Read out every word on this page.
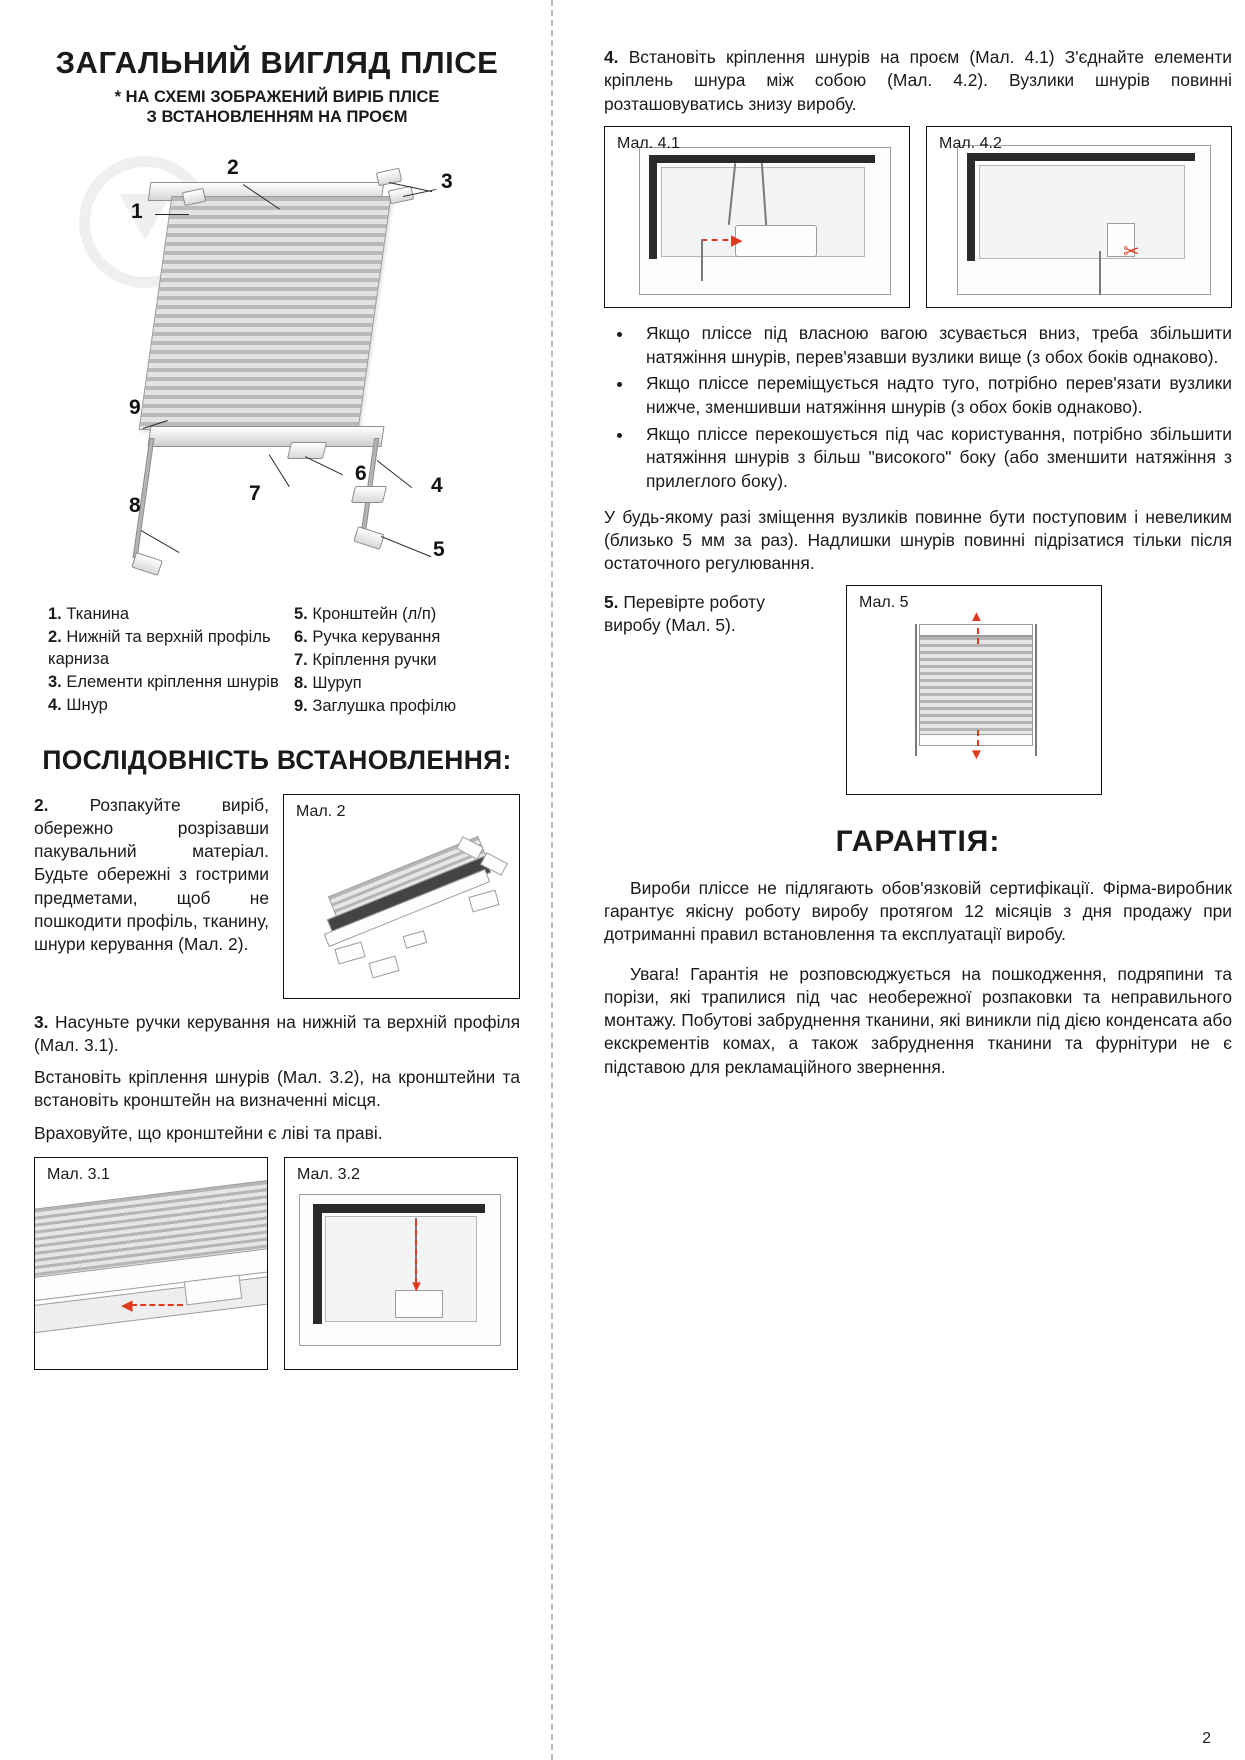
ЗАГАЛЬНИЙ ВИГЛЯД ПЛІСЕ
* НА СХЕМІ ЗОБРАЖЕНИЙ ВИРІБ ПЛІСЕ
З ВСТАНОВЛЕННЯМ НА ПРОЄМ
1
2
3
4
5
6
7
8
9
1. Тканина
2. Нижній та верхній профіль карниза
3. Елементи кріплення шнурів
4. Шнур
5. Кронштейн (л/п)
6. Ручка керування
7. Кріплення ручки
8. Шуруп
9. Заглушка профілю
ПОСЛІДОВНІСТЬ ВСТАНОВЛЕННЯ:

2. Розпакуйте виріб, обережно розрізавши пакувальний матеріал. Будьте обережні з гострими предметами, щоб не пошкодити профіль, тканину, шнури керування (Мал. 2).

Мал. 2

3. Насуньте ручки керування на нижній та верхній профіля (Мал. 3.1).

Встановіть кріплення шнурів (Мал. 3.2), на кронштейни та встановіть кронштейн на визначенні місця.

Враховуйте, що кронштейни є ліві та праві.

Мал. 3.1
◀
Мал. 3.2
▼

4. Встановіть кріплення шнурів на проєм (Мал. 4.1) З'єднайте елементи кріплень шнура між собою (Мал. 4.2). Вузлики шнурів повинні розташовуватись знизу виробу.

Мал. 4.1
▶
Мал. 4.2
✂
• Якщо пліссе під власною вагою зсувається вниз, треба збільшити натяжіння шнурів, перев'язавши вузлики вище (з обох боків однаково).
• Якщо пліссе переміщується надто туго, потрібно перев'язати вузлики нижче, зменшивши натяжіння шнурів (з обох боків однаково).
• Якщо пліссе перекошується під час користування, потрібно збільшити натяжіння шнурів з більш "високого" боку (або зменшити натяжіння з прилеглого боку).

У будь-якому разі зміщення вузликів повинне бути поступовим і невеликим (близько 5 мм за раз). Надлишки шнурів повинні підрізатися тільки після остаточного регулювання.

5. Перевірте роботу виробу (Мал. 5).
Мал. 5
▲
▼
ГАРАНТІЯ:

Вироби пліссе не підлягають обов'язковій сертифікації. Фірма-виробник гарантує якісну роботу виробу протягом 12 місяців з дня продажу при дотриманні правил встановлення та експлуатації виробу.

Увага! Гарантія не розповсюджується на пошкодження, подряпини та порізи, які трапилися під час необережної розпаковки та неправильного монтажу. Побутові забруднення тканини, які виникли під дією конденсата або екскрементів комах, а також забруднення тканини та фурнітури не є підставою для рекламаційного звернення.

2
